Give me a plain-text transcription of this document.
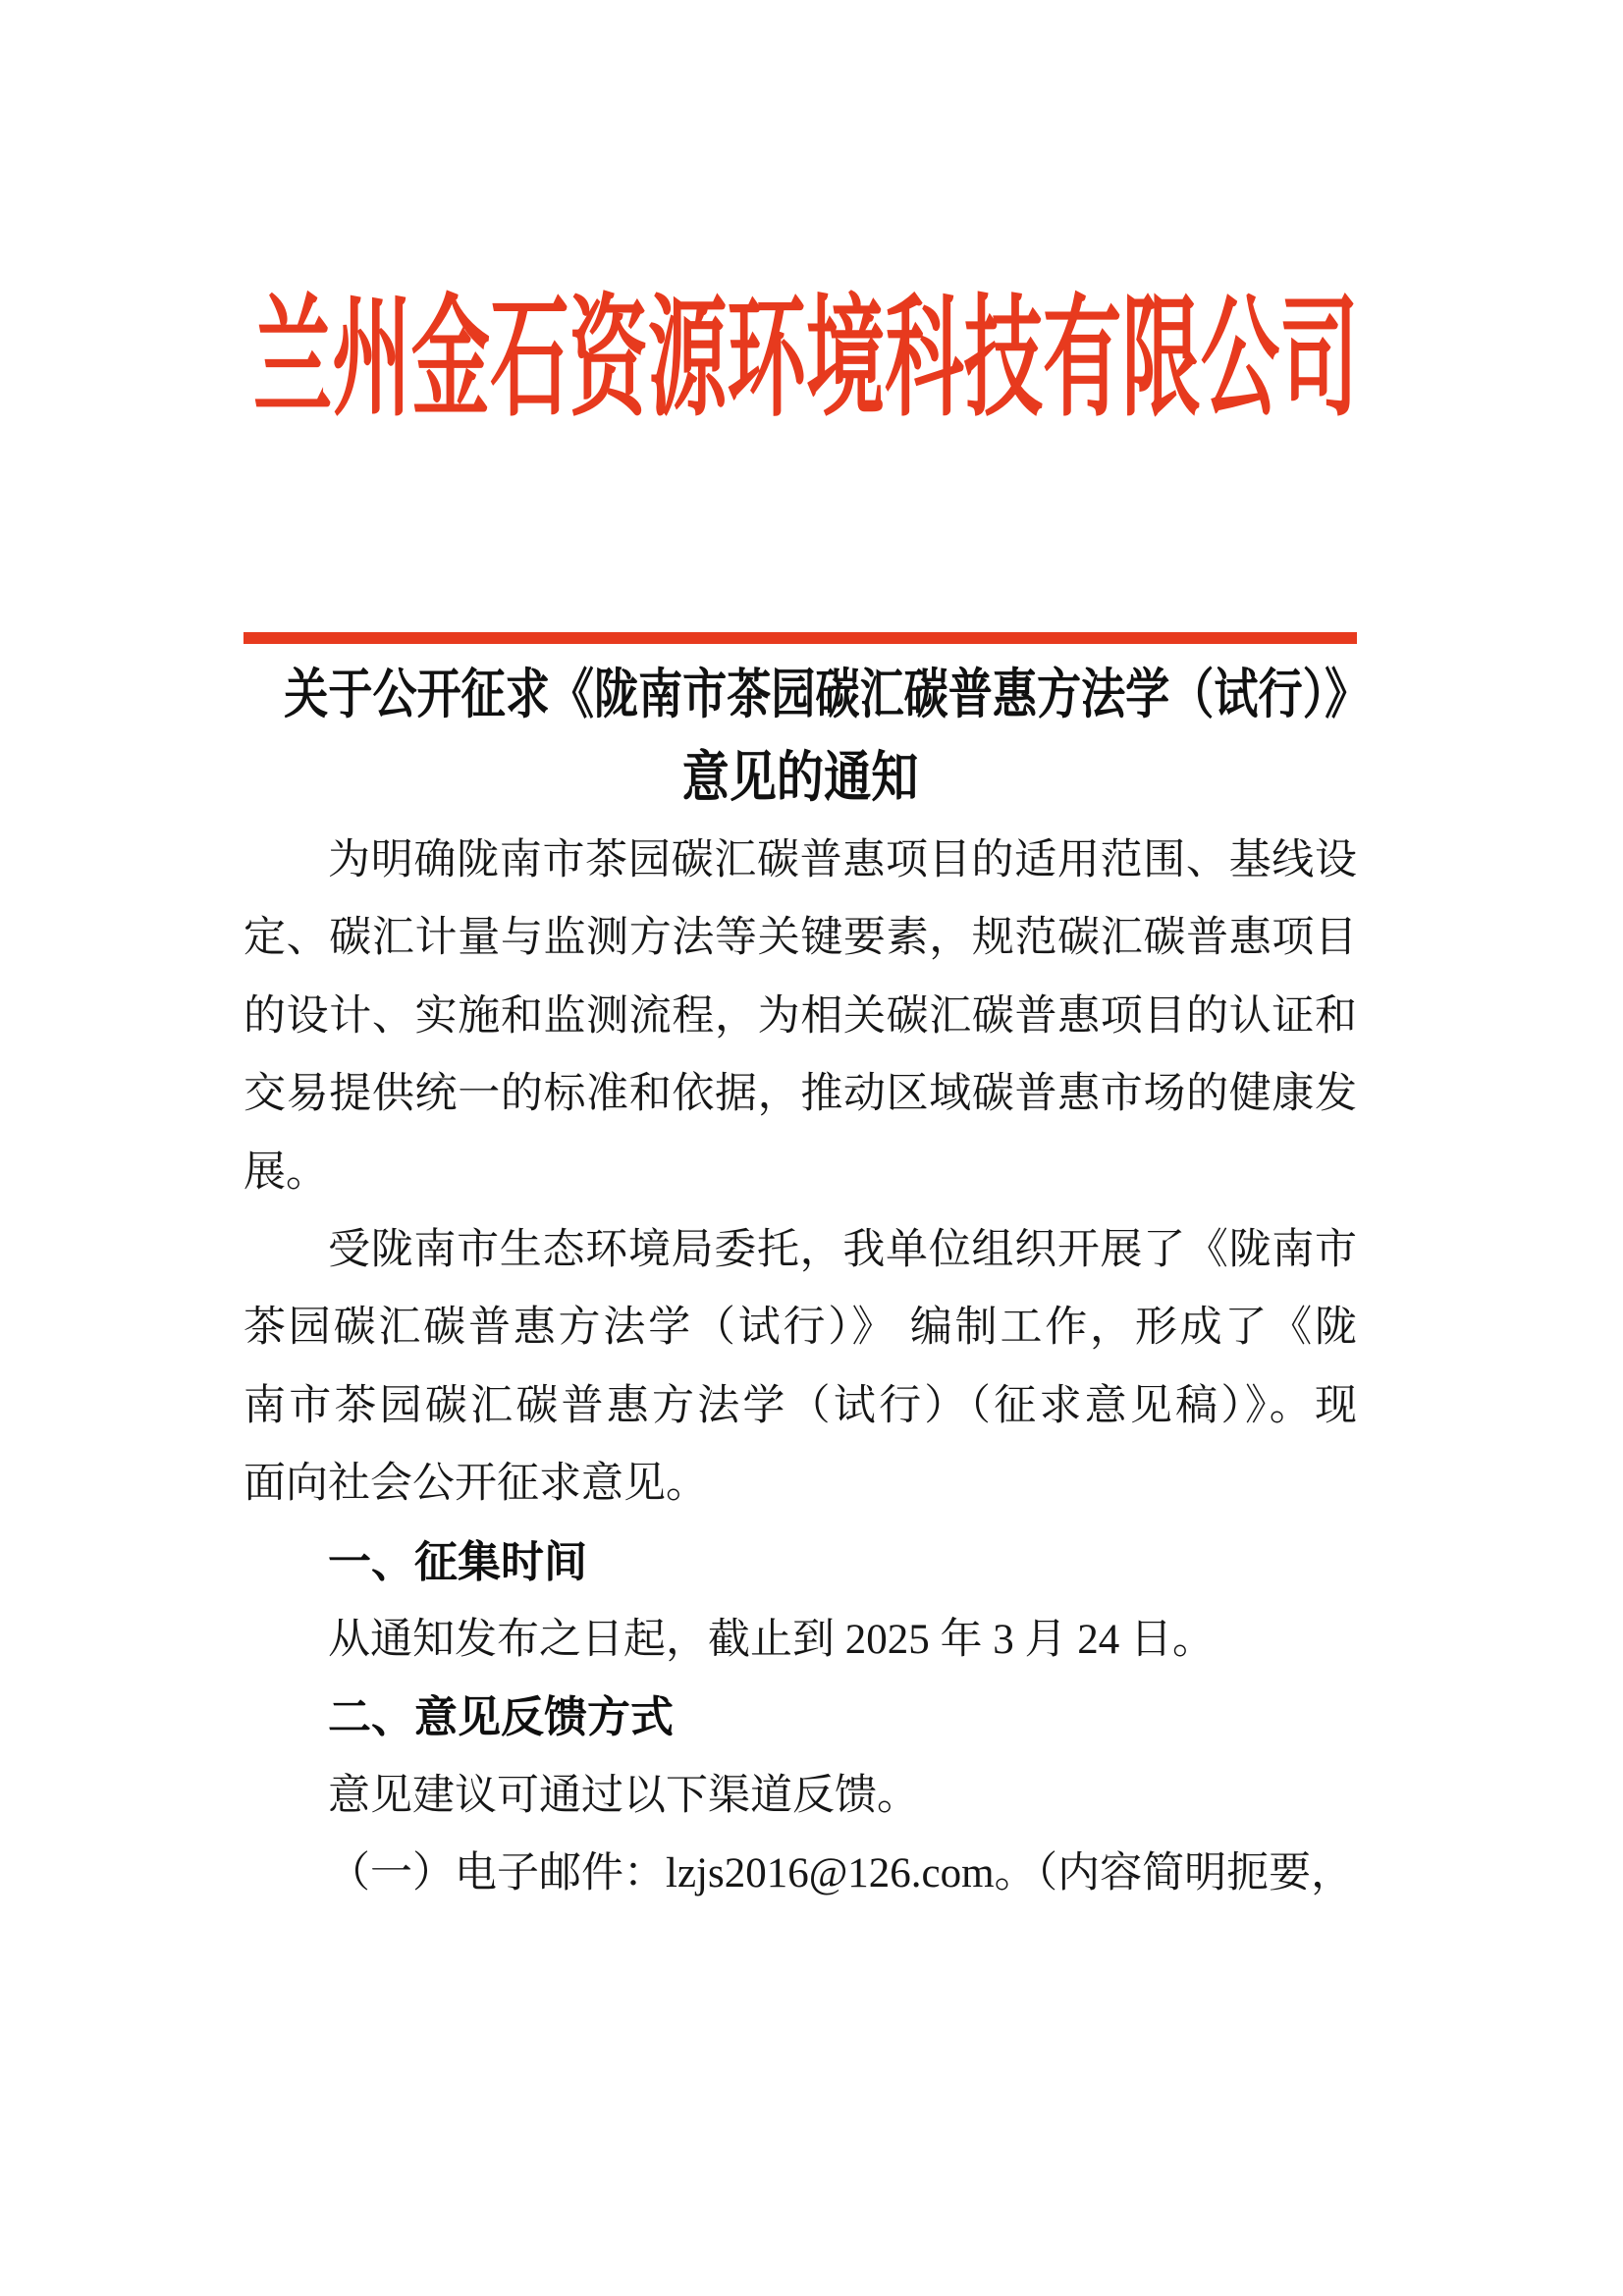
兰州金石资源环境科技有限公司
关于公开征求《陇南市茶园碳汇碳普惠方法学（试行）》
意见的通知
为明确陇南市茶园碳汇碳普惠项目的适用范围、基线设
定、碳汇计量与监测方法等关键要素，规范碳汇碳普惠项目
的设计、实施和监测流程，为相关碳汇碳普惠项目的认证和
交易提供统一的标准和依据，推动区域碳普惠市场的健康发
展。
受陇南市生态环境局委托，我单位组织开展了《陇南市
茶园碳汇碳普惠方法学（试行）》 编制工作，形成了《陇
南市茶园碳汇碳普惠方法学（试行）（征求意见稿）》。现
面向社会公开征求意见。
一、征集时间
从通知发布之日起，截止到 2025 年 3 月 24 日。
二、意见反馈方式
意见建议可通过以下渠道反馈。
（一）电子邮件：lzjs2016@126.com。（内容简明扼要，
